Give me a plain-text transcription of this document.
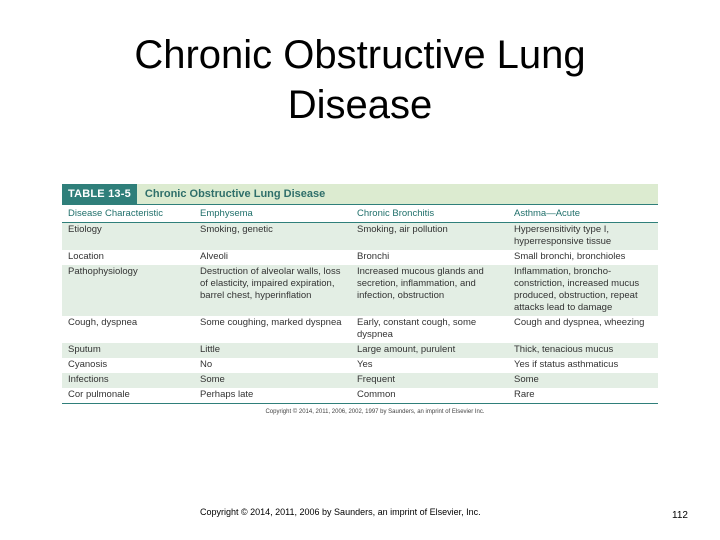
Chronic Obstructive Lung Disease
TABLE 13-5	Chronic Obstructive Lung Disease
Disease Characteristic	Emphysema	Chronic Bronchitis	Asthma—Acute
Etiology	Smoking, genetic	Smoking, air pollution	Hypersensitivity type I, hyperresponsive tissue
Location	Alveoli	Bronchi	Small bronchi, bronchioles
Pathophysiology	Destruction of alveolar walls, loss of elasticity, impaired expiration, barrel chest, hyperinflation	Increased mucous glands and secretion, inflammation, and infection, obstruction	Inflammation, broncho-constriction, increased mucus produced, obstruction, repeat attacks lead to damage
Cough, dyspnea	Some coughing, marked dyspnea	Early, constant cough, some dyspnea	Cough and dyspnea, wheezing
Sputum	Little	Large amount, purulent	Thick, tenacious mucus
Cyanosis	No	Yes	Yes if status asthmaticus
Infections	Some	Frequent	Some
Cor pulmonale	Perhaps late	Common	Rare
Copyright © 2014, 2011, 2006, 2002, 1997 by Saunders, an imprint of Elsevier Inc.
Copyright © 2014, 2011, 2006 by Saunders, an imprint of Elsevier, Inc.	112
